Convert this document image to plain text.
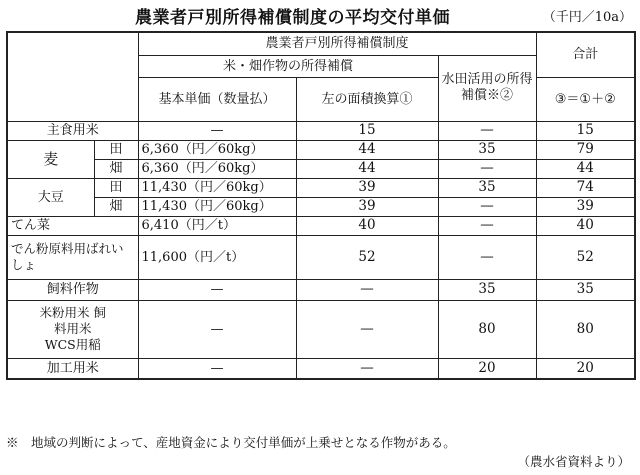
農業者戸別所得補償制度の平均交付単価	（千円／10a）
		農業者戸別所得補償制度			合計
		米・畑作物の所得補償		水田活用の所得補償※②	
		基本単価（数量払）	左の面積換算①		③＝①＋②
主食用米		—	15	—	15
麦	田	6,360（円／60kg）	44	35	79
	畑	6,360（円／60kg）	44	—	44
大豆	田	11,430（円／60kg）	39	35	74
	畑	11,430（円／60kg）	39	—	39
てん菜		6,410（円／t）	40	—	40

でん粉原料用ばれいしょ		11,600（円／t）	52	—	52
飼料作物		—	—	35	35

米粉用米 飼料用米 WCS用稲		—	—	80	80
加工用米		—	—	20	20
※　地域の判断によって、産地資金により交付単価が上乗せとなる作物がある。
（農水省資料より）
